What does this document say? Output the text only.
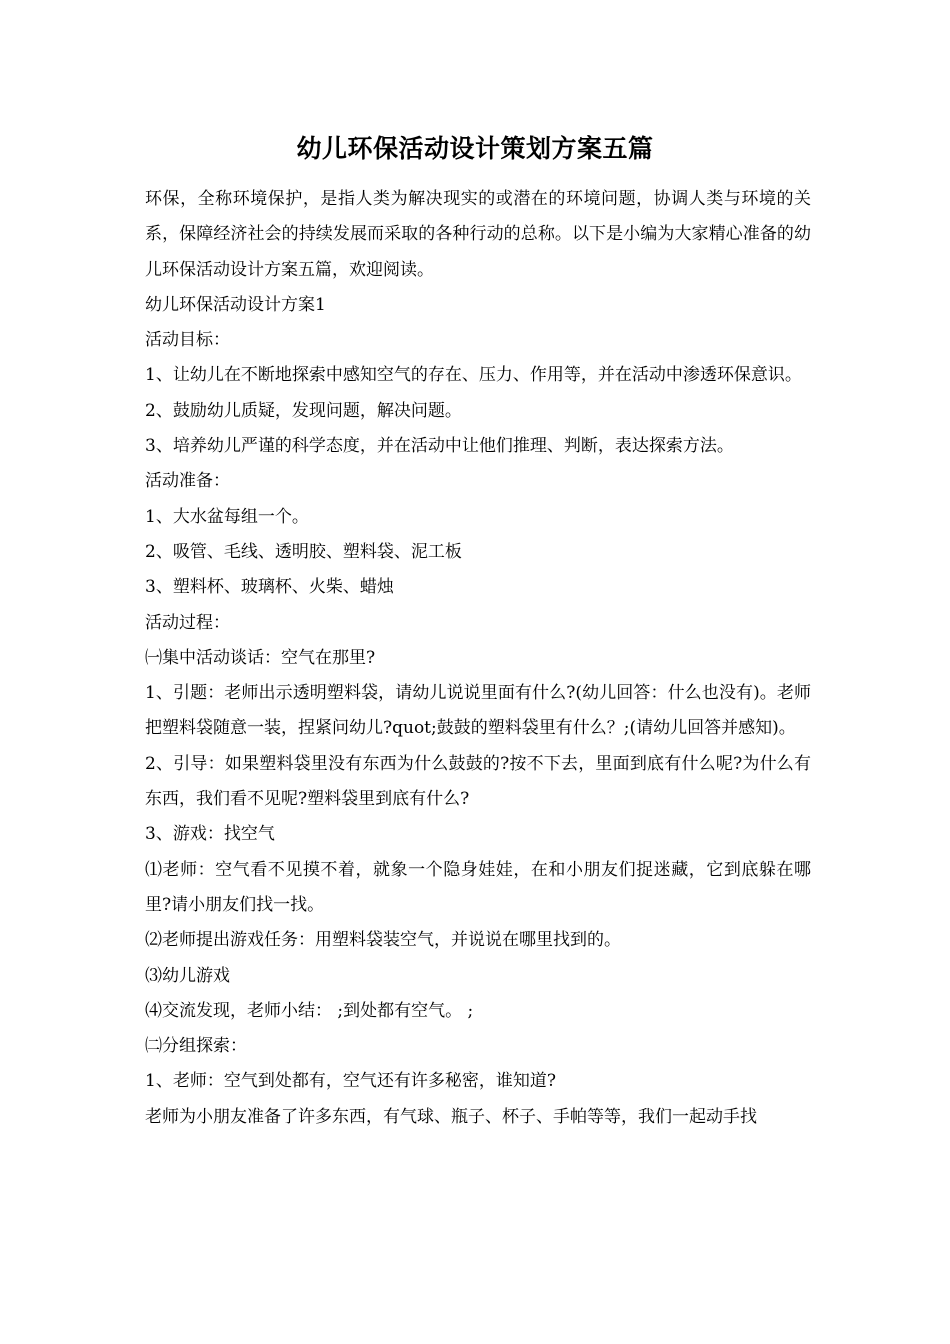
幼儿环保活动设计策划方案五篇

环保，全称环境保护，是指人类为解决现实的或潜在的环境问题，协调人类与环境的关系，保障经济社会的持续发展而采取的各种行动的总称。以下是小编为大家精心准备的幼儿环保活动设计方案五篇，欢迎阅读。

幼儿环保活动设计方案1

活动目标：

1、让幼儿在不断地探索中感知空气的存在、压力、作用等，并在活动中渗透环保意识。

2、鼓励幼儿质疑，发现问题，解决问题。

3、培养幼儿严谨的科学态度，并在活动中让他们推理、判断，表达探索方法。

活动准备：

1、大水盆每组一个。

2、吸管、毛线、透明胶、塑料袋、泥工板

3、塑料杯、玻璃杯、火柴、蜡烛

活动过程：

㈠集中活动谈话：空气在那里?

1、引题：老师出示透明塑料袋，请幼儿说说里面有什么?(幼儿回答：什么也没有)。老师把塑料袋随意一装，捏紧问幼儿?quot;鼓鼓的塑料袋里有什么？;(请幼儿回答并感知)。

2、引导：如果塑料袋里没有东西为什么鼓鼓的?按不下去，里面到底有什么呢?为什么有东西，我们看不见呢?塑料袋里到底有什么?

3、游戏：找空气

⑴老师：空气看不见摸不着，就象一个隐身娃娃，在和小朋友们捉迷藏，它到底躲在哪里?请小朋友们找一找。

⑵老师提出游戏任务：用塑料袋装空气，并说说在哪里找到的。

⑶幼儿游戏

⑷交流发现，老师小结： ;到处都有空气。 ;

㈡分组探索：

1、老师：空气到处都有，空气还有许多秘密，谁知道?

老师为小朋友准备了许多东西，有气球、瓶子、杯子、手帕等等，我们一起动手找
